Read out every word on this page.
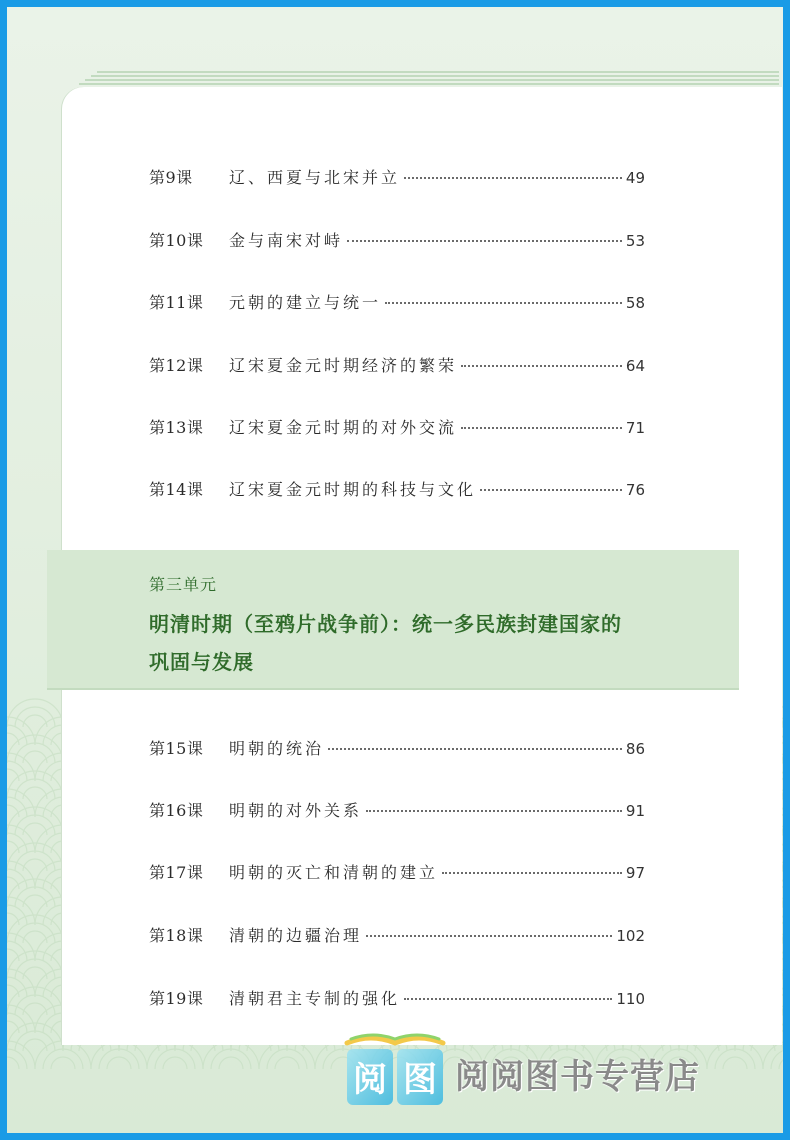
第9课	辽、西夏与北宋并立	49
第10课	金与南宋对峙	53
第11课	元朝的建立与统一	58
第12课	辽宋夏金元时期经济的繁荣	64
第13课	辽宋夏金元时期的对外交流	71
第14课	辽宋夏金元时期的科技与文化	76
第三单元
明清时期（至鸦片战争前）：统一多民族封建国家的
巩固与发展
第15课	明朝的统治	86
第16课	明朝的对外关系	91
第17课	明朝的灭亡和清朝的建立	97
第18课	清朝的边疆治理	102
第19课	清朝君主专制的强化	110
阅 图 阅阅图书专营店
